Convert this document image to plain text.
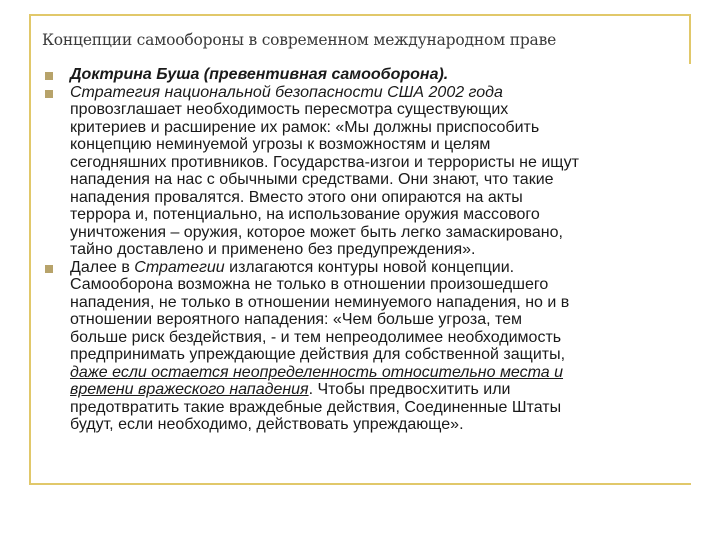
Концепции самообороны в современном международном праве
Доктрина Буша (превентивная самооборона).
Стратегия национальной безопасности США 2002 года
провозглашает необходимость пересмотра существующих
критериев и расширение их рамок: «Мы должны приспособить
концепцию неминуемой угрозы к возможностям и целям
сегодняшних противников. Государства-изгои и террористы не ищут
нападения на нас с обычными средствами. Они знают, что такие
нападения провалятся. Вместо этого они опираются на акты
террора и, потенциально, на использование оружия массового
уничтожения – оружия, которое может быть легко замаскировано,
тайно доставлено и применено без предупреждения».
Далее в Стратегии излагаются контуры новой концепции.
Самооборона возможна не только в отношении произошедшего
нападения, не только в отношении неминуемого нападения, но и в
отношении вероятного нападения: «Чем больше угроза, тем
больше риск бездействия, - и тем непреодолимее необходимость
предпринимать упреждающие действия для собственной защиты,
даже если остается неопределенность относительно места и
времени вражеского нападения. Чтобы предвосхитить или
предотвратить такие враждебные действия, Соединенные Штаты
будут, если необходимо, действовать упреждающе».
